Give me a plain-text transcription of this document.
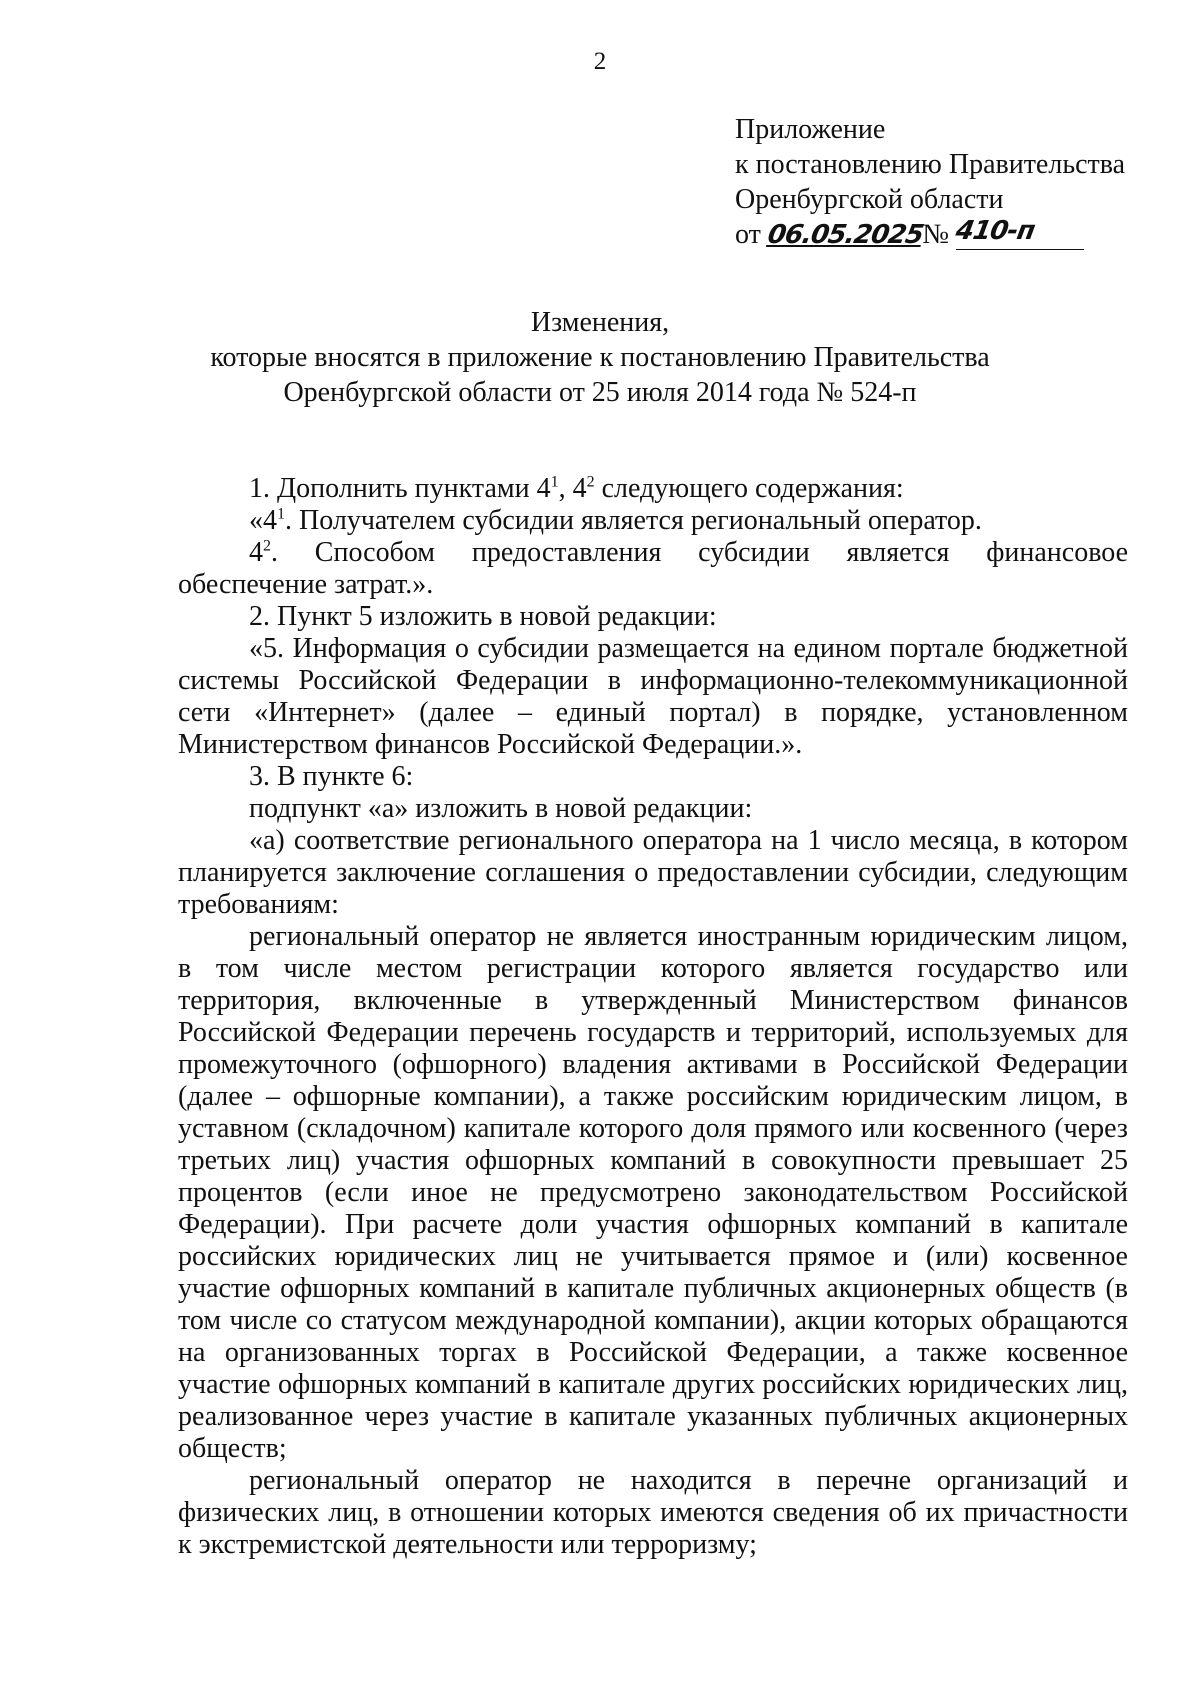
2
Приложение
к постановлению Правительства
Оренбургской области
от 06.05.2025№ 410-п
Изменения,
которые вносятся в приложение к постановлению Правительства
Оренбургской области от 25 июля 2014 года № 524-п

1. Дополнить пунктами $4^1$, $4^2$ следующего содержания:

«$4^1$. Получателем субсидии является региональный оператор.

$4^2$. Способом предоставления субсидии является финансовое обеспечение затрат.».

2. Пункт 5 изложить в новой редакции:

«5. Информация о субсидии размещается на едином портале бюджетной системы Российской Федерации в информационно-телекоммуникационной сети «Интернет» (далее – единый портал) в порядке, установленном Министерством финансов Российской Федерации.».

3. В пункте 6:

подпункт «а» изложить в новой редакции:

«а) соответствие регионального оператора на 1 число месяца, в котором планируется заключение соглашения о предоставлении субсидии, следующим требованиям:

региональный оператор не является иностранным юридическим лицом, в том числе местом регистрации которого является государство или территория, включенные в утвержденный Министерством финансов Российской Федерации перечень государств и территорий, используемых для промежуточного (офшорного) владения активами в Российской Федерации (далее – офшорные компании), а также российским юридическим лицом, в уставном (складочном) капитале которого доля прямого или косвенного (через третьих лиц) участия офшорных компаний в совокупности превышает 25 процентов (если иное не предусмотрено законодательством Российской Федерации). При расчете доли участия офшорных компаний в капитале российских юридических лиц не учитывается прямое и (или) косвенное участие офшорных компаний в капитале публичных акционерных обществ (в том числе со статусом международной компании), акции которых обращаются на организованных торгах в Российской Федерации, а также косвенное участие офшорных компаний в капитале других российских юридических лиц, реализованное через участие в капитале указанных публичных акционерных обществ;

региональный оператор не находится в перечне организаций и физических лиц, в отношении которых имеются сведения об их причастности к экстремистской деятельности или терроризму;
